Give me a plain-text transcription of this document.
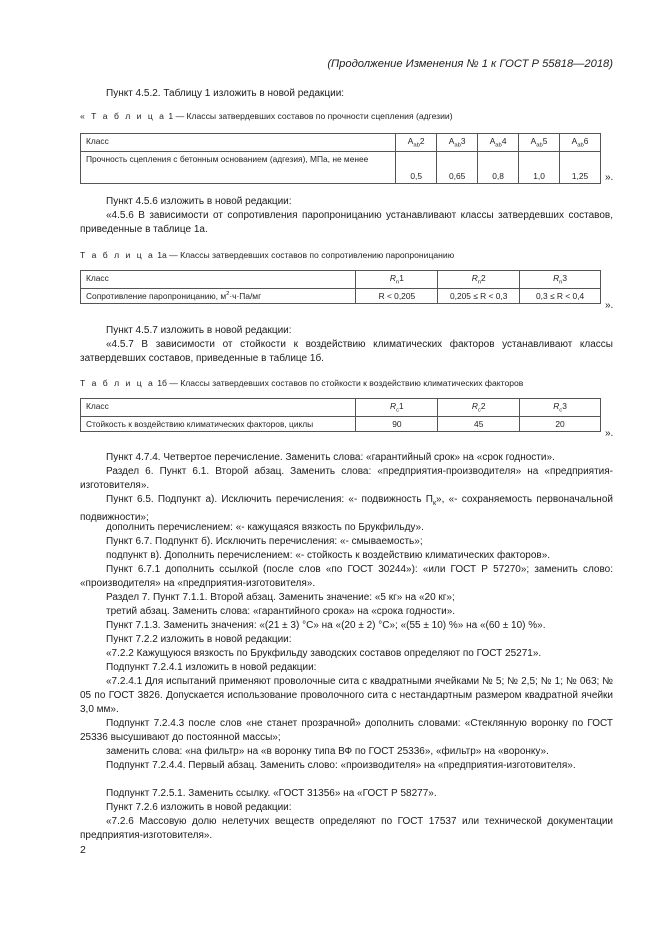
(Продолжение Изменения № 1 к ГОСТ Р 55818—2018)

Пункт 4.5.2. Таблицу 1 изложить в новой редакции:

« Т а б л и ц а 1 — Классы затвердевших составов по прочности сцепления (адгезии)
Класс	$A_{ab}2$	$A_{ab}3$	$A_{ab}4$	$A_{ab}5$	$A_{ab}6$
Прочность сцепления с бетонным основанием (адгезия), МПа, не менее	0,5	0,65	0,8	1,0	1,25 ».

Пункт 4.5.6 изложить в новой редакции:

«4.5.6 В зависимости от сопротивления паропроницанию устанавливают классы затвердевших составов, приведенные в таблице 1а.

Т а б л и ц а 1а — Классы затвердевших составов по сопротивлению паропроницанию
Класс	$R_n1$	$R_n2$	$R_n3$
Сопротивление паропроницанию, $м^2\cdot ч\cdot Па/мг$	R < 0,205	0,205 ≤ R < 0,3	0,3 ≤ R < 0,4
».

Пункт 4.5.7 изложить в новой редакции:

«4.5.7 В зависимости от стойкости к воздействию климатических факторов устанавливают классы затвердевших составов, приведенные в таблице 1б.

Т а б л и ц а 1б — Классы затвердевших составов по стойкости к воздействию климатических факторов
Класс	$R_c1$	$R_c2$	$R_c3$
Стойкость к воздействию климатических факторов, циклы	90	45	20
».

Пункт 4.7.4. Четвертое перечисление. Заменить слова: «гарантийный срок» на «срок годности».

Раздел 6. Пункт 6.1. Второй абзац. Заменить слова: «предприятия-производителя» на «предприятия-изготовителя».

Пункт 6.5. Подпункт а). Исключить перечисления: «- подвижность $П_к$», «- сохраняемость первоначальной подвижности»;

дополнить перечислением: «- кажущаяся вязкость по Брукфильду».

Пункт 6.7. Подпункт б). Исключить перечисления: «- смываемость»;

подпункт в). Дополнить перечислением: «- стойкость к воздействию климатических факторов».

Пункт 6.7.1 дополнить ссылкой (после слов «по ГОСТ 30244»): «или ГОСТ Р 57270»; заменить слово: «производителя» на «предприятия-изготовителя».

Раздел 7. Пункт 7.1.1. Второй абзац. Заменить значение: «5 кг» на «20 кг»;

третий абзац. Заменить слова: «гарантийного срока» на «срока годности».

Пункт 7.1.3. Заменить значения: «(21 ± 3) °С» на «(20 ± 2) °С»; «(55 ± 10) %» на «(60 ± 10) %».

Пункт 7.2.2 изложить в новой редакции:

«7.2.2 Кажущуюся вязкость по Брукфильду заводских составов определяют по ГОСТ 25271».

Подпункт 7.2.4.1 изложить в новой редакции:

«7.2.4.1 Для испытаний применяют проволочные сита с квадратными ячейками № 5; № 2,5; № 1; № 063; № 05 по ГОСТ 3826. Допускается использование проволочного сита с нестандартным размером квадратной ячейки 3,0 мм».

Подпункт 7.2.4.3 после слов «не станет прозрачной» дополнить словами: «Стеклянную воронку по ГОСТ 25336 высушивают до постоянной массы»;

заменить слова: «на фильтр» на «в воронку типа ВФ по ГОСТ 25336», «фильтр» на «воронку».

Подпункт 7.2.4.4. Первый абзац. Заменить слово: «производителя» на «предприятия-изготовителя».

Подпункт 7.2.5.1. Заменить ссылку. «ГОСТ 31356» на «ГОСТ Р 58277».

Пункт 7.2.6 изложить в новой редакции:

«7.2.6 Массовую долю нелетучих веществ определяют по ГОСТ 17537 или технической документации предприятия-изготовителя».

2
